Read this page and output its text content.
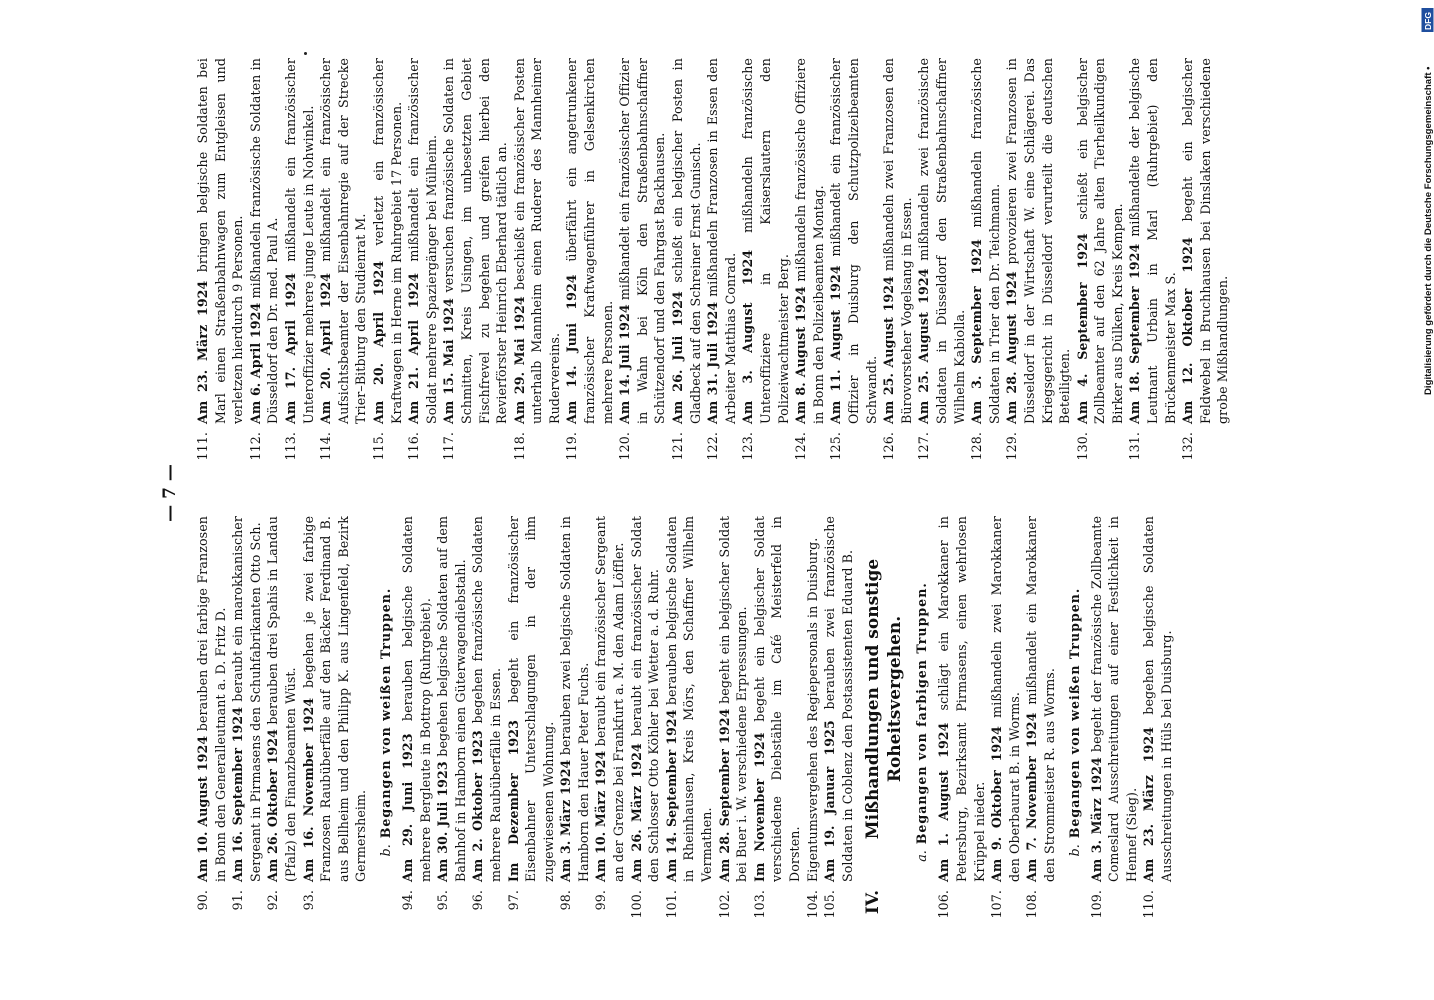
— 7 —
90.
Am 10. August 1924 berauben drei farbige Franzosen in Bonn den Generalleutnant a. D. Fritz D.
91.
Am 16. September 1924 beraubt ein marokkanischer Sergeant in Pirmasens den Schuhfabrikanten Otto Sch.
92.
Am 26. Oktober 1924 berauben drei Spahis in Landau (Pfalz) den Finanzbeamten Wüst.
93.
Am 16. November 1924 begehen je zwei farbige Franzosen Raubüberfälle auf den Bäcker Ferdinand B. aus Bellheim und den Philipp K. aus Lingenfeld, Bezirk Germersheim. b.Begangen von weißen Truppen.
94.
Am 29. Juni 1923 berauben belgische Soldaten mehrere Bergleute in Bottrop (Ruhrgebiet).
95.
Am 30. Juli 1923 begehen belgische Soldaten auf dem Bahnhof in Hamborn einen Güterwagendiebstahl.
96.
Am 2. Oktober 1923 begehen französische Soldaten mehrere Raubüberfälle in Essen.
97.
Im Dezember 1923 begeht ein französischer Eisenbahner Unterschlagungen in der ihm zugewiesenen Wohnung.
98.
Am 3. März 1924 berauben zwei belgische Soldaten in Hamborn den Hauer Peter Fuchs.
99.
Am 10. März 1924 beraubt ein französischer Sergeant an der Grenze bei Frankfurt a. M. den Adam Löffler.
100.
Am 26. März 1924 beraubt ein französischer Soldat den Schlosser Otto Köhler bei Wetter a. d. Ruhr.
101.
Am 14. September 1924 berauben belgische Soldaten in Rheinhausen, Kreis Mörs, den Schaffner Wilhelm Vermathen.
102.
Am 28. September 1924 begeht ein belgischer Soldat bei Buer i. W. verschiedene Erpressungen.
103.
Im November 1924 begeht ein belgischer Soldat verschiedene Diebstähle im Café Meisterfeld in Dorsten.
104.
Eigentumsvergehen des Regiepersonals in Duisburg.
105.
Am 19. Januar 1925 berauben zwei französische Soldaten in Coblenz den Postassistenten Eduard B.
IV.
Mißhandlungen und sonstige Roheitsvergehen.
a.Begangen von farbigen Truppen.
106.
Am 1. August 1924 schlägt ein Marokkaner in Petersburg, Bezirksamt Pirmasens, einen wehrlosen Krüppel nieder.
107.
Am 9. Oktober 1924 mißhandeln zwei Marokkaner den Oberbaurat B. in Worms.
108.
Am 7. November 1924 mißhandelt ein Marokkaner den Strommeister R. aus Worms. b.Begangen von weißen Truppen.
109.
Am 3. März 1924 begeht der französische Zollbeamte Comeslard Ausschreitungen auf einer Festlichkeit in Hennef (Sieg).
110.
Am 23. März 1924 begehen belgische Soldaten Ausschreitungen in Hüls bei Duisburg.
111.
Am 23. März 1924 bringen belgische Soldaten bei Marl einen Straßenbahnwagen zum Entgleisen und verletzen hierdurch 9 Personen.
112.
Am 6. April 1924 mißhandeln französische Soldaten in Düsseldorf den Dr. med. Paul A.
113.
Am 17. April 1924 mißhandelt ein französischer Unteroffizier mehrere junge Leute in Nohwinkel.
114.
Am 20. April 1924 mißhandelt ein französischer Aufsichtsbeamter der Eisenbahnregie auf der Strecke Trier–Bitburg den Studienrat M.
115.
Am 20. April 1924 verletzt ein französischer Kraftwagen in Herne im Ruhrgebiet 17 Personen.
116.
Am 21. April 1924 mißhandelt ein französischer Soldat mehrere Spaziergänger bei Mülheim.
117.
Am 15. Mai 1924 versuchen französische Soldaten in Schmitten, Kreis Usingen, im unbesetzten Gebiet Fischfrevel zu begehen und greifen hierbei den Revierförster Heinrich Eberhard tätlich an.
118.
Am 29. Mai 1924 beschießt ein französischer Posten unterhalb Mannheim einen Ruderer des Mannheimer Rudervereins.
119.
Am 14. Juni 1924 überfährt ein angetrunkener französischer Kraftwagenführer in Gelsenkirchen mehrere Personen.
120.
Am 14. Juli 1924 mißhandelt ein französischer Offizier in Wahn bei Köln den Straßenbahnschaffner Schützendorf und den Fahrgast Backhausen.
121.
Am 26. Juli 1924 schießt ein belgischer Posten in Gladbeck auf den Schreiner Ernst Gunisch.
122.
Am 31. Juli 1924 mißhandeln Franzosen in Essen den Arbeiter Matthias Conrad.
123.
Am 3. August 1924 mißhandeln französische Unteroffiziere in Kaiserslautern den Polizeiwachtmeister Berg.
124.
Am 8. August 1924 mißhandeln französische Offiziere in Bonn den Polizeibeamten Montag.
125.
Am 11. August 1924 mißhandelt ein französischer Offizier in Duisburg den Schutzpolizeibeamten Schwandt.
126.
Am 25. August 1924 mißhandeln zwei Franzosen den Bürovorsteher Vogelsang in Essen.
127.
Am 25. August 1924 mißhandeln zwei französische Soldaten in Düsseldorf den Straßenbahnschaffner Wilhelm Kabiolla.
128.
Am 3. September 1924 mißhandeln französische Soldaten in Trier den Dr. Teichmann.
129.
Am 28. August 1924 provozieren zwei Franzosen in Düsseldorf in der Wirtschaft W. eine Schlägerei. Das Kriegsgericht in Düsseldorf verurteilt die deutschen Beteiligten.
130.
Am 4. September 1924 schießt ein belgischer Zollbeamter auf den 62 Jahre alten Tierheilkundigen Birker aus Dülken, Kreis Kempen.
131.
Am 18. September 1924 mißhandelte der belgische Leutnant Urbain in Marl (Ruhrgebiet) den Brückenmeister Max S.
132.
Am 12. Oktober 1924 begeht ein belgischer Feldwebel in Bruchhausen bei Dinslaken verschiedene grobe Mißhandlungen.	Digitalisierung gefördert durch die Deutsche Forschungsgemeinschaft •
DFG
